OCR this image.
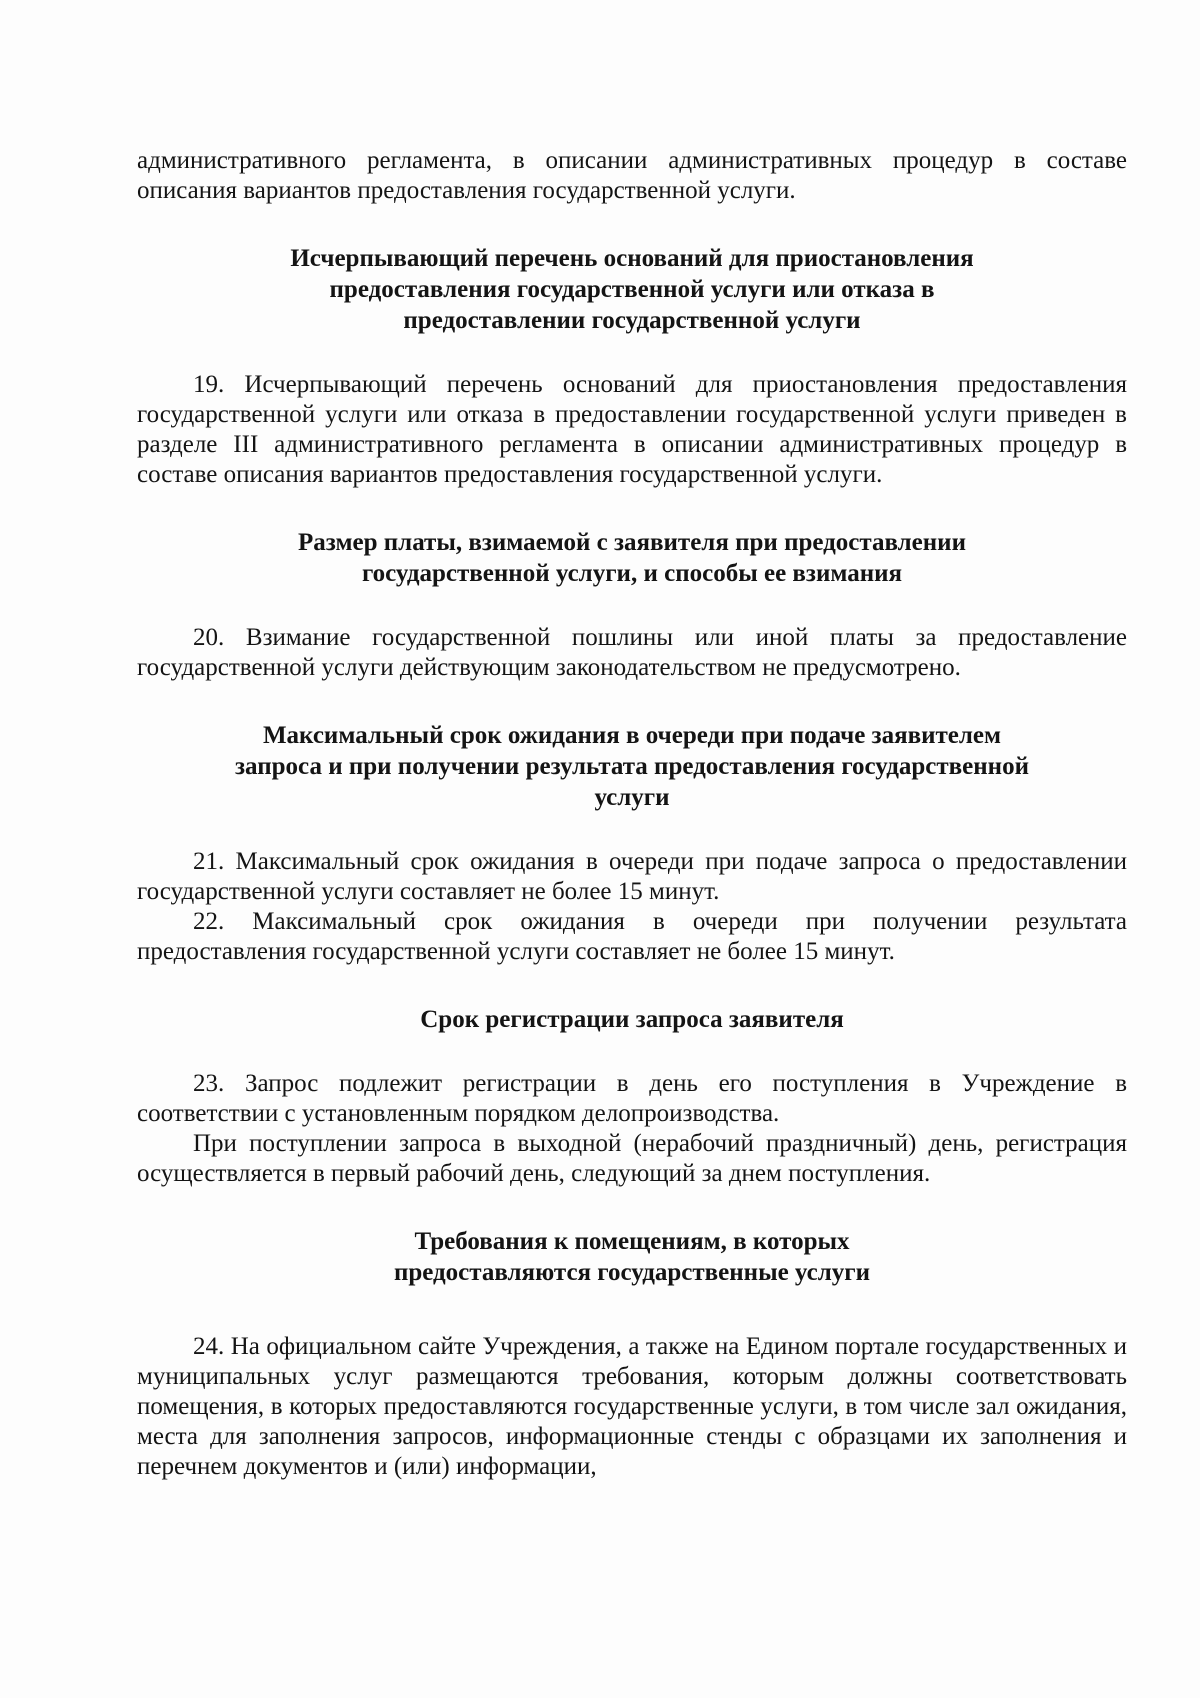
административного регламента, в описании административных процедур в составе описания вариантов предоставления государственной услуги.

Исчерпывающий перечень оснований для приостановления
предоставления государственной услуги или отказа в
предоставлении государственной услуги

19. Исчерпывающий перечень оснований для приостановления предоставления государственной услуги или отказа в предоставлении государственной услуги приведен в разделе III административного регламента в описании административных процедур в составе описания вариантов предоставления государственной услуги.

Размер платы, взимаемой с заявителя при предоставлении
государственной услуги, и способы ее взимания

20. Взимание государственной пошлины или иной платы за предоставление государственной услуги действующим законодательством не предусмотрено.

Максимальный срок ожидания в очереди при подаче заявителем
запроса и при получении результата предоставления государственной
услуги

21. Максимальный срок ожидания в очереди при подаче запроса о предоставлении государственной услуги составляет не более 15 минут.

22. Максимальный срок ожидания в очереди при получении результата предоставления государственной услуги составляет не более 15 минут.

Срок регистрации запроса заявителя

23. Запрос подлежит регистрации в день его поступления в Учреждение в соответствии с установленным порядком делопроизводства.

При поступлении запроса в выходной (нерабочий праздничный) день, регистрация осуществляется в первый рабочий день, следующий за днем поступления.

Требования к помещениям, в которых
предоставляются государственные услуги

24. На официальном сайте Учреждения, а также на Едином портале государственных и муниципальных услуг размещаются требования, которым должны соответствовать помещения, в которых предоставляются государственные услуги, в том числе зал ожидания, места для заполнения запросов, информационные стенды с образцами их заполнения и перечнем документов и (или) информации,
